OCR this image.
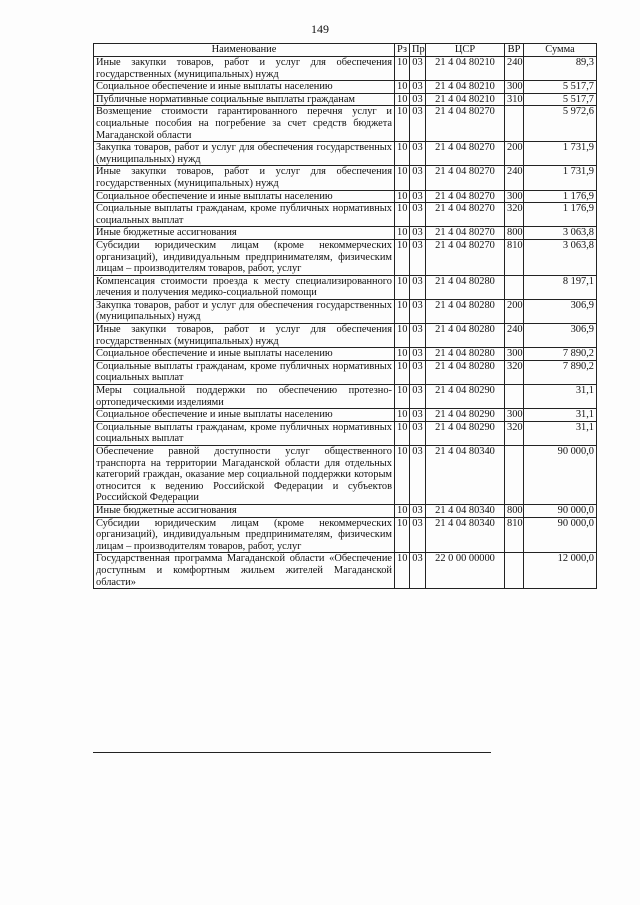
149
Наименование	Рз	Пр	ЦСР	ВР	Сумма
Иные закупки товаров, работ и услуг для обеспечения государственных (муниципальных) нужд	10	03	21 4 04 80210	240	89,3
Социальное обеспечение и иные выплаты населению	10	03	21 4 04 80210	300	5 517,7
Публичные нормативные социальные выплаты гражданам	10	03	21 4 04 80210	310	5 517,7
Возмещение стоимости гарантированного перечня услуг и социальные пособия на погребение за счет средств бюджета Магаданской области	10	03	21 4 04 80270		5 972,6
Закупка товаров, работ и услуг для обеспечения государственных (муниципальных) нужд	10	03	21 4 04 80270	200	1 731,9
Иные закупки товаров, работ и услуг для обеспечения государственных (муниципальных) нужд	10	03	21 4 04 80270	240	1 731,9
Социальное обеспечение и иные выплаты населению	10	03	21 4 04 80270	300	1 176,9
Социальные выплаты гражданам, кроме публичных нормативных социальных выплат	10	03	21 4 04 80270	320	1 176,9
Иные бюджетные ассигнования	10	03	21 4 04 80270	800	3 063,8
Субсидии юридическим лицам (кроме некоммерческих организаций), индивидуальным предпринимателям, физическим лицам – производителям товаров, работ, услуг	10	03	21 4 04 80270	810	3 063,8
Компенсация стоимости проезда к месту специализированного лечения и получения медико-социальной помощи	10	03	21 4 04 80280		8 197,1
Закупка товаров, работ и услуг для обеспечения государственных (муниципальных) нужд	10	03	21 4 04 80280	200	306,9
Иные закупки товаров, работ и услуг для обеспечения государственных (муниципальных) нужд	10	03	21 4 04 80280	240	306,9
Социальное обеспечение и иные выплаты населению	10	03	21 4 04 80280	300	7 890,2
Социальные выплаты гражданам, кроме публичных нормативных социальных выплат	10	03	21 4 04 80280	320	7 890,2
Меры социальной поддержки по обеспечению протезно-ортопедическими изделиями	10	03	21 4 04 80290		31,1
Социальное обеспечение и иные выплаты населению	10	03	21 4 04 80290	300	31,1
Социальные выплаты гражданам, кроме публичных нормативных социальных выплат	10	03	21 4 04 80290	320	31,1
Обеспечение равной доступности услуг общественного транспорта на территории Магаданской области для отдельных категорий граждан, оказание мер социальной поддержки которым относится к ведению Российской Федерации и субъектов Российской Федерации	10	03	21 4 04 80340		90 000,0
Иные бюджетные ассигнования	10	03	21 4 04 80340	800	90 000,0
Субсидии юридическим лицам (кроме некоммерческих организаций), индивидуальным предпринимателям, физическим лицам – производителям товаров, работ, услуг	10	03	21 4 04 80340	810	90 000,0
Государственная программа Магаданской области «Обеспечение доступным и комфортным жильем жителей Магаданской области»	10	03	22 0 00 00000		12 000,0
